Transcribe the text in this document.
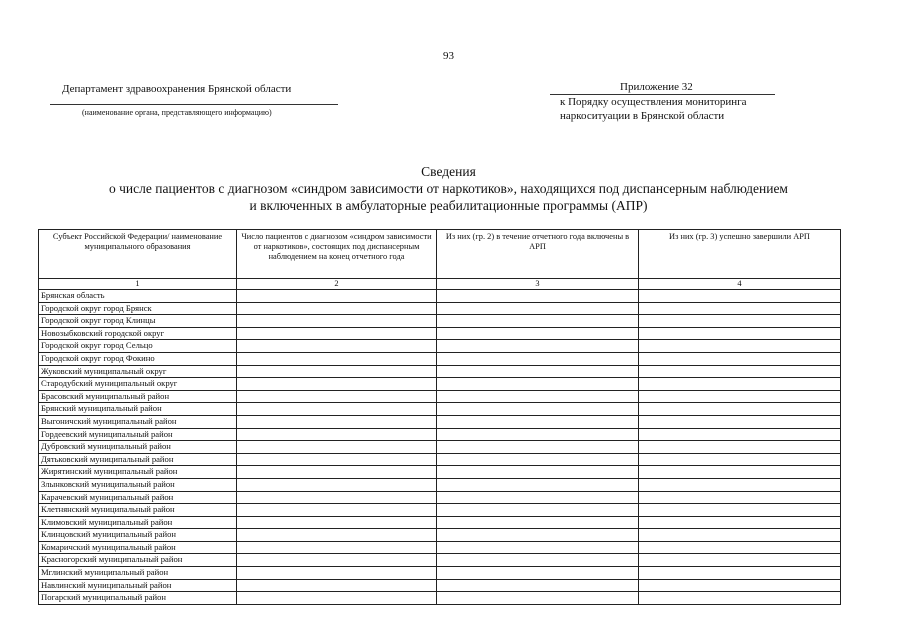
93
Департамент здравоохранения Брянской области
(наименование органа, представляющего информацию)
Приложение 32
к Порядку осуществления мониторинга
наркоситуации в Брянской области
Сведения
о числе пациентов с диагнозом «синдром зависимости от наркотиков», находящихся под диспансерным наблюдением
и включенных в амбулаторные реабилитационные программы (АПР)
Субъект Российской Федерации/ наименование муниципального образования	Число пациентов с диагнозом «синдром зависимости от наркотиков», состоящих под диспансерным наблюдением на конец отчетного года	Из них (гр. 2) в течение отчетного года включены в АРП	Из них (гр. 3) успешно завершили АРП
1	2	3	4
Брянская область			
Городской округ город Брянск			
Городской округ город Клинцы			
Новозыбковский городской округ			
Городской округ город Сельцо			
Городской округ город Фокино			
Жуковский муниципальный округ			
Стародубский муниципальный округ			
Брасовский муниципальный район			
Брянский муниципальный район			
Выгоничский муниципальный район			
Гордеевский муниципальный район			
Дубровский муниципальный район			
Дятьковский муниципальный район			
Жирятинский муниципальный район			
Злынковский муниципальный район			
Карачевский муниципальный район			
Клетнянский муниципальный район			
Климовский муниципальный район			
Клинцовский муниципальный район			
Комаричский муниципальный район			
Красногорский муниципальный район			
Мглинский муниципальный район			
Навлинский муниципальный район			
Погарский муниципальный район			
